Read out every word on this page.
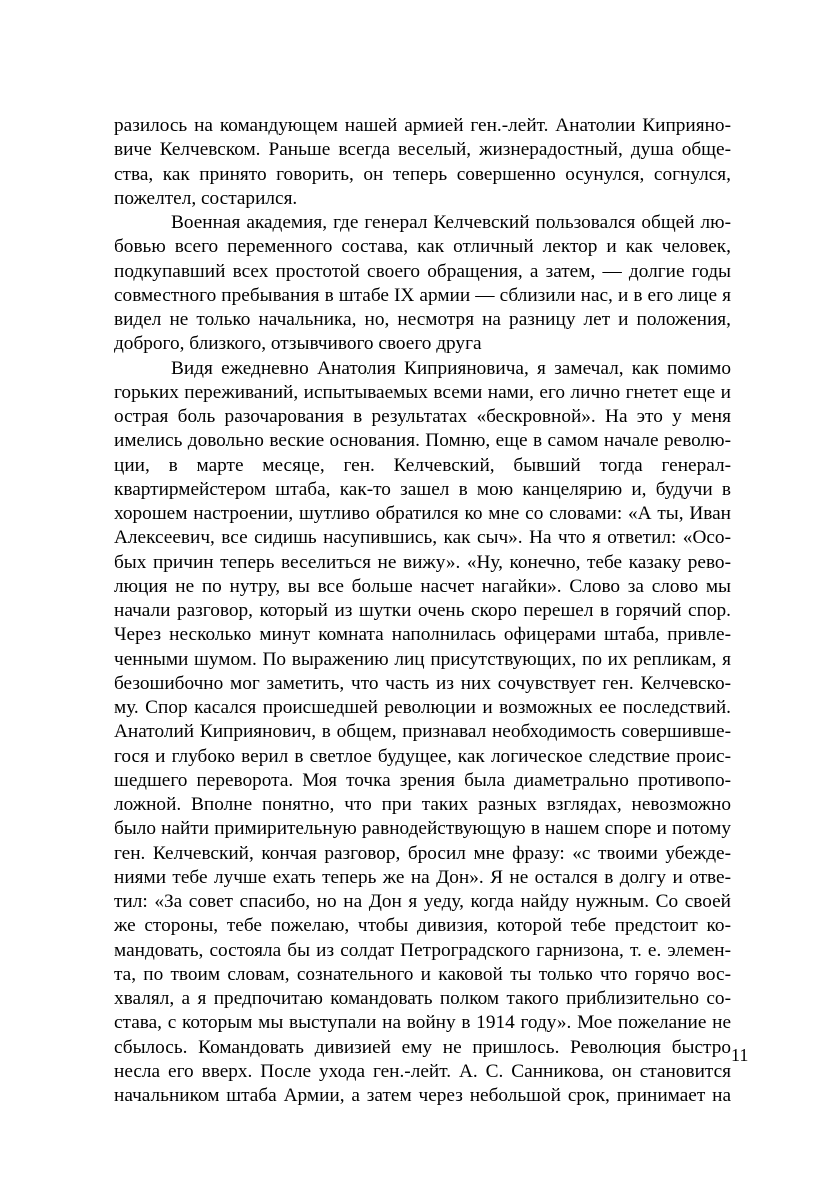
разилось на командующем нашей армией ген.-лейт. Анатолии Киприяно-
виче Келчевском. Раньше всегда веселый, жизнерадостный, душа обще-
ства, как принято говорить, он теперь совершенно осунулся, согнулся,
пожелтел, состарился.
Военная академия, где генерал Келчевский пользовался общей лю-
бовью всего переменного состава, как отличный лектор и как человек,
подкупавший всех простотой своего обращения, а затем, — долгие годы
совместного пребывания в штабе IX армии — сблизили нас, и в его лице я
видел не только начальника, но, несмотря на разницу лет и положения,
доброго, близкого, отзывчивого своего друга
Видя ежедневно Анатолия Киприяновича, я замечал, как помимо
горьких переживаний, испытываемых всеми нами, его лично гнетет еще и
острая боль разочарования в результатах «бескровной». На это у меня
имелись довольно веские основания. Помню, еще в самом начале револю-
ции, в марте месяце, ген. Келчевский, бывший тогда генерал-
квартирмейстером штаба, как-то зашел в мою канцелярию и, будучи в
хорошем настроении, шутливо обратился ко мне со словами: «А ты, Иван
Алексеевич, все сидишь насупившись, как сыч». На что я ответил: «Осо-
бых причин теперь веселиться не вижу». «Ну, конечно, тебе казаку рево-
люция не по нутру, вы все больше насчет нагайки». Слово за слово мы
начали разговор, который из шутки очень скоро перешел в горячий спор.
Через несколько минут комната наполнилась офицерами штаба, привле-
ченными шумом. По выражению лиц присутствующих, по их репликам, я
безошибочно мог заметить, что часть из них сочувствует ген. Келчевско-
му. Спор касался происшедшей революции и возможных ее последствий.
Анатолий Киприянович, в общем, признавал необходимость совершивше-
гося и глубоко верил в светлое будущее, как логическое следствие проис-
шедшего переворота. Моя точка зрения была диаметрально противопо-
ложной. Вполне понятно, что при таких разных взглядах, невозможно
было найти примирительную равнодействующую в нашем споре и потому
ген. Келчевский, кончая разговор, бросил мне фразу: «с твоими убежде-
ниями тебе лучше ехать теперь же на Дон». Я не остался в долгу и отве-
тил: «За совет спасибо, но на Дон я уеду, когда найду нужным. Со своей
же стороны, тебе пожелаю, чтобы дивизия, которой тебе предстоит ко-
мандовать, состояла бы из солдат Петроградского гарнизона, т. е. элемен-
та, по твоим словам, сознательного и каковой ты только что горячо вос-
хвалял, а я предпочитаю командовать полком такого приблизительно со-
става, с которым мы выступали на войну в 1914 году». Мое пожелание не
сбылось. Командовать дивизией ему не пришлось. Революция быстро
несла его вверх. После ухода ген.-лейт. А. С. Санникова, он становится
начальником штаба Армии, а затем через небольшой срок, принимает на
11
